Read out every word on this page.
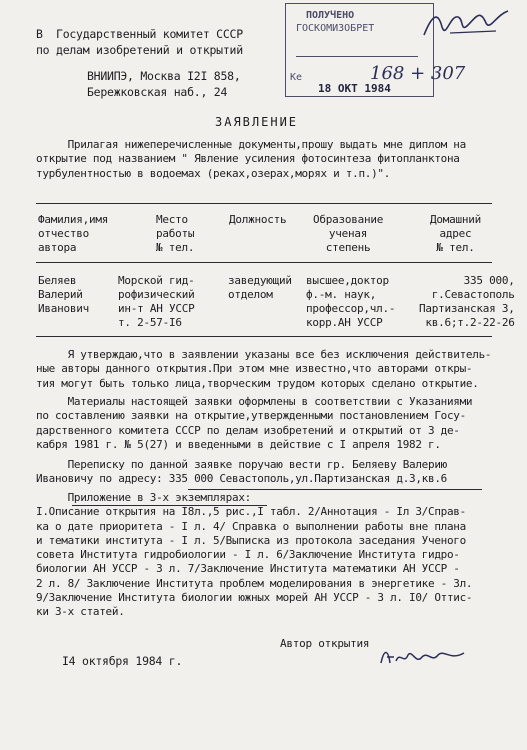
В  Государственный комитет СССР
по делам изобретений и открытий
ВНИИПЭ, Москва I2I 858,
Бережковская наб., 24
ПОЛУЧЕНО
ГОСКОМИЗОБРЕТ
Ке
18 ОКТ 1984
168 + 307
ЗАЯВЛЕНИЕ
Прилагая нижеперечисленные документы,прошу выдать мне диплом на
открытие под названием " Явление усиления фотосинтеза фитопланктона
турбулентностью в водоемах (реках,озерах,морях и т.п.)".
Фамилия,имя
отчество
автора
Место
работы
№ тел.
Должность Образование
ученая
степень
Домашний
адрес
№ тел.
Беляев
Валерий
Иванович
Морской гид-
рофизический
ин-т АН УССР
т. 2-57-I6
заведующий
отделом
высшее,доктор
ф.-м. наук,
профессор,чл.-
корр.АН УССР
335 000,
г.Севастополь
Партизанская 3,
кв.6;т.2-22-26
Я утверждаю,что в заявлении указаны все без исключения действитель-
ные авторы данного открытия.При этом мне известно,что авторами откры-
тия могут быть только лица,творческим трудом которых сделано открытие.
Материалы настоящей заявки оформлены в соответствии с Указаниями
по составлению заявки на открытие,утвержденными постановлением Госу-
дарственного комитета СССР по делам изобретений и открытий от 3 де-
кабря 1981 г. № 5(27) и введенными в действие с I апреля 1982 г.
Переписку по данной заявке поручаю вести гр. Беляеву Валерию
Ивановичу по адресу: 335 000 Севастополь,ул.Партизанская д.3,кв.6
Приложение в 3-х экземплярах:
I.Описание открытия на I8л.,5 рис.,I табл. 2/Аннотация - Iл 3/Справ-
ка о дате приоритета - I л. 4/ Справка о выполнении работы вне плана
и тематики института - I л. 5/Выписка из протокола заседания Ученого
совета Института гидробиологии - I л. 6/Заключение Института гидро-
биологии АН УССР - 3 л. 7/Заключение Института математики АН УССР -
2 л. 8/ Заключение Института проблем моделирования в энергетике - 3л.
9/Заключение Института биологии южных морей АН УССР - 3 л. I0/ Оттис-
ки 3-х статей.
Автор открытия
I4 октября 1984 г.
